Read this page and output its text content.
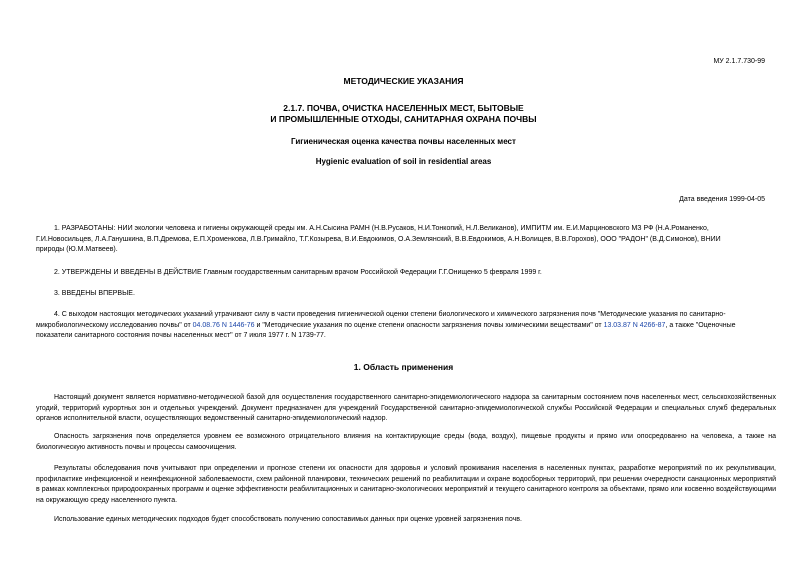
МУ 2.1.7.730-99
МЕТОДИЧЕСКИЕ УКАЗАНИЯ
2.1.7. ПОЧВА, ОЧИСТКА НАСЕЛЕННЫХ МЕСТ, БЫТОВЫЕ
И ПРОМЫШЛЕННЫЕ ОТХОДЫ, САНИТАРНАЯ ОХРАНА ПОЧВЫ
Гигиеническая оценка качества почвы населенных мест
Hygienic evaluation of soil in residential areas
Дата введения 1999-04-05
1. РАЗРАБОТАНЫ: НИИ экологии человека и гигиены окружающей среды им. А.Н.Сысина РАМН (Н.В.Русаков, Н.И.Тонкопий, Н.Л.Великанов), ИМПИТМ им. Е.И.Марциновского МЗ РФ (Н.А.Романенко,
Г.И.Новосильцев, Л.А.Ганушкина, В.П.Дремова, Е.П.Хромeнкова, Л.В.Гримайло, Т.Г.Козырева, В.И.Евдокимов, О.А.Землянский, В.В.Евдокимов, А.Н.Волищев, В.В.Горохов), ООО "РАДОН" (В.Д.Симонов), ВНИИ
природы (Ю.М.Матвеев).
2. УТВЕРЖДЕНЫ И ВВЕДЕНЫ В ДЕЙСТВИЕ Главным государственным санитарным врачом Российской Федерации Г.Г.Онищенко 5 февраля 1999 г.
3. ВВЕДЕНЫ ВПЕРВЫЕ.
4. С выходом настоящих методических указаний утрачивают силу в части проведения гигиенической оценки степени биологического и химического загрязнения почв "Методические указания по санитарно-
микробиологическому исследованию почвы" от 04.08.76 N 1446-76 и "Методические указания по оценке степени опасности загрязнения почвы химическими веществами" от 13.03.87 N 4266-87, а также "Оценочные
показатели санитарного состояния почвы населенных мест" от 7 июля 1977 г. N 1739-77.
1. Область применения
Настоящий документ является нормативно-методической базой для осуществления государственного санитарно-эпидемиологического надзора за санитарным состоянием почв населенных мест, сельскохозяйственных угодий, территорий курортных зон и отдельных учреждений. Документ предназначен для учреждений Государственной санитарно-эпидемиологической службы Российской Федерации и специальных служб федеральных органов исполнительной власти, осуществляющих ведомственный санитарно-эпидемиологический надзор.
Опасность загрязнения почв определяется уровнем ее возможного отрицательного влияния на контактирующие среды (вода, воздух), пищевые продукты и прямо или опосредованно на человека, а также на биологическую активность почвы и процессы самоочищения.
Результаты обследования почв учитывают при определении и прогнозе степени их опасности для здоровья и условий проживания населения в населенных пунктах, разработке мероприятий по их рекультивации, профилактике инфекционной и неинфекционной заболеваемости, схем районной планировки, технических решений по реабилитации и охране водосборных территорий, при решении очередности санационных мероприятий в рамках комплексных природоохранных программ и оценке эффективности реабилитационных и санитарно-экологических мероприятий и текущего санитарного контроля за объектами, прямо или косвенно воздействующими на окружающую среду населенного пункта.
Использование единых методических подходов будет способствовать получению сопоставимых данных при оценке уровней загрязнения почв.
